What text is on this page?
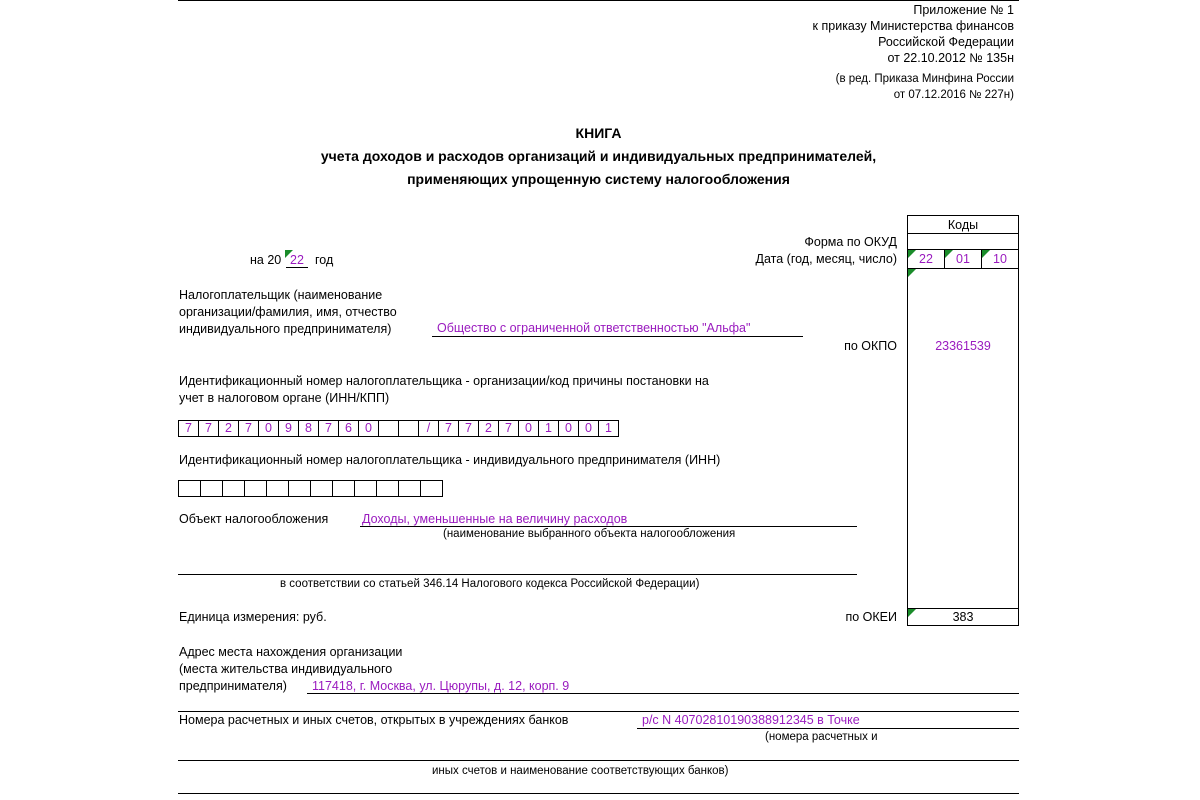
Приложение № 1
к приказу Министерства финансов
Российской Федерации
от 22.10.2012 № 135н
(в ред. Приказа Минфина России
от 07.12.2016 № 227н)
КНИГА
учета доходов и расходов организаций и индивидуальных предпринимателей,
применяющих упрощенную систему налогообложения
Коды
Форма по ОКУД
Дата (год, месяц, число)	22	01	10
по ОКПО	23361539
по ОКЕИ	383
на 20 22 год
Налогоплательщик (наименование
организации/фамилия, имя, отчество
индивидуального предпринимателя)	Общество с ограниченной ответственностью "Альфа"
Идентификационный номер налогоплательщика - организации/код причины постановки на
учет в налоговом органе (ИНН/КПП)
7	7	2	7	0	9	8	7	6	0	/	7	7	2	7	0	1	0	0	1
Идентификационный номер налогоплательщика - индивидуального предпринимателя (ИНН)
Объект налогообложения	Доходы, уменьшенные на величину расходов
(наименование выбранного объекта налогообложения
в соответствии со статьей 346.14 Налогового кодекса Российской Федерации)
Единица измерения: руб.
Адрес места нахождения организации
(места жительства индивидуального
предпринимателя) 117418, г. Москва, ул. Цюрупы, д. 12, корп. 9
Номера расчетных и иных счетов, открытых в учреждениях банков	р/с N 40702810190388912345 в Точке
(номера расчетных и
иных счетов и наименование соответствующих банков)
